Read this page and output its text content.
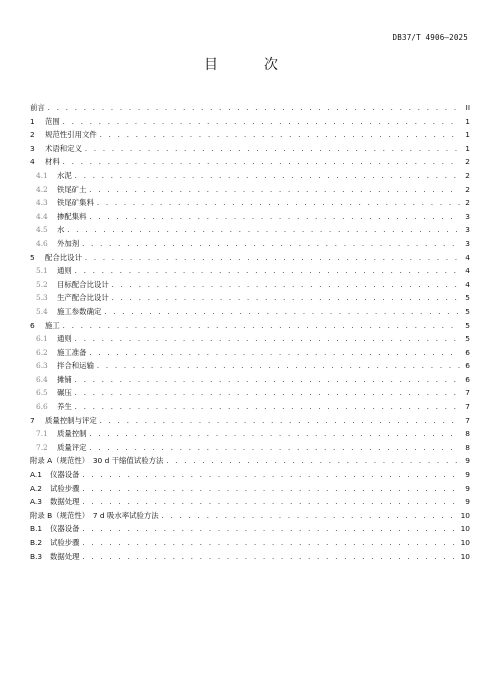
DB37/T 4906—2025
目　次
前言 . . .	II
1	范围 . . .	1
2	规范性引用文件 . . .	1
3	术语和定义 . . .	1
4	材料 . . .	2
4.1	水泥 . . .	2
4.2	铁尾矿土 . . .	2
4.3	铁尾矿集料 . . .	2
4.4	掺配集料 . . .	3
4.5	水 . . .	3
4.6	外加剂 . . .	3
5	配合比设计 . . .	4
5.1	通则 . . .	4
5.2	目标配合比设计 . . .	4
5.3	生产配合比设计 . . .	5
5.4	施工参数确定 . . .	5
6	施工 . . .	5
6.1	通则 . . .	5
6.2	施工准备 . . .	6
6.3	拌合和运输 . . .	6
6.4	摊铺 . . .	6
6.5	碾压 . . .	7
6.6	养生 . . .	7
7	质量控制与评定 . . .	7
7.1	质量控制 . . .	8
7.2	质量评定 . . .	8
附录 A（规范性）　30 d 干缩值试验方法 . . .	9
A.1	仪器设备 . . .	9
A.2	试验步骤 . . .	9
A.3	数据处理 . . .	9
附录 B（规范性）　7 d 吸水率试验方法 . . .	10
B.1	仪器设备 . . .	10
B.2	试验步骤 . . .	10
B.3	数据处理 . . .	10
